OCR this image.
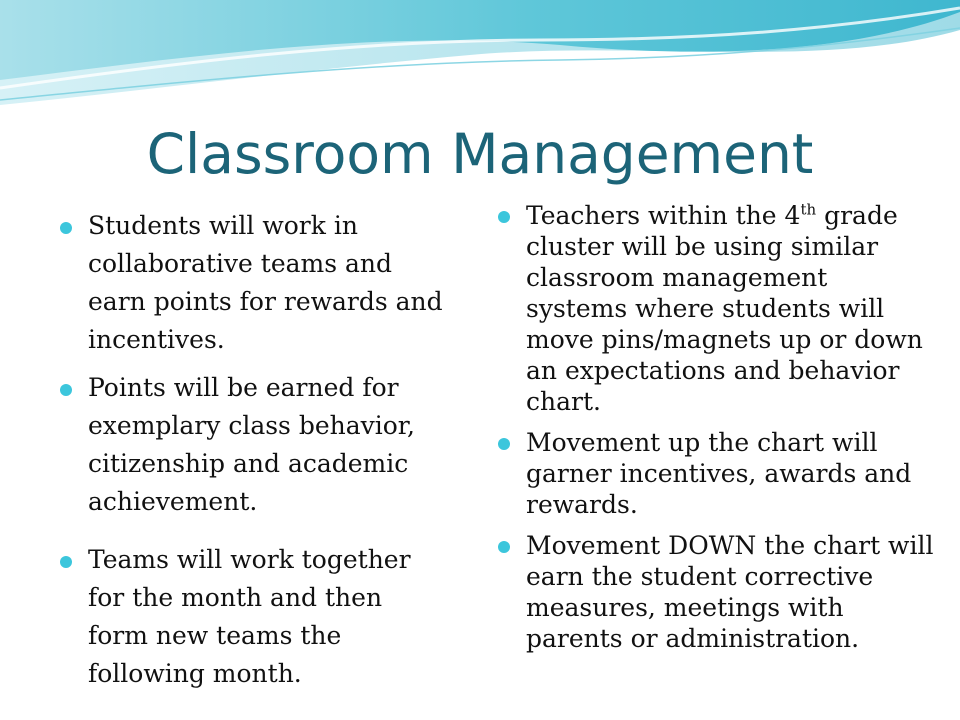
Classroom Management
Students will work in collaborative teams and earn points for rewards and incentives.
Points will be earned for exemplary class behavior, citizenship and academic achievement.
Teams will work together for the month and then form new teams the following month.
Teachers within the 4th grade cluster will be using similar classroom management systems where students will move pins/magnets up or down an expectations and behavior chart.
Movement up the chart will garner incentives, awards and rewards.
Movement DOWN the chart will earn the student corrective measures, meetings with parents or administration.
